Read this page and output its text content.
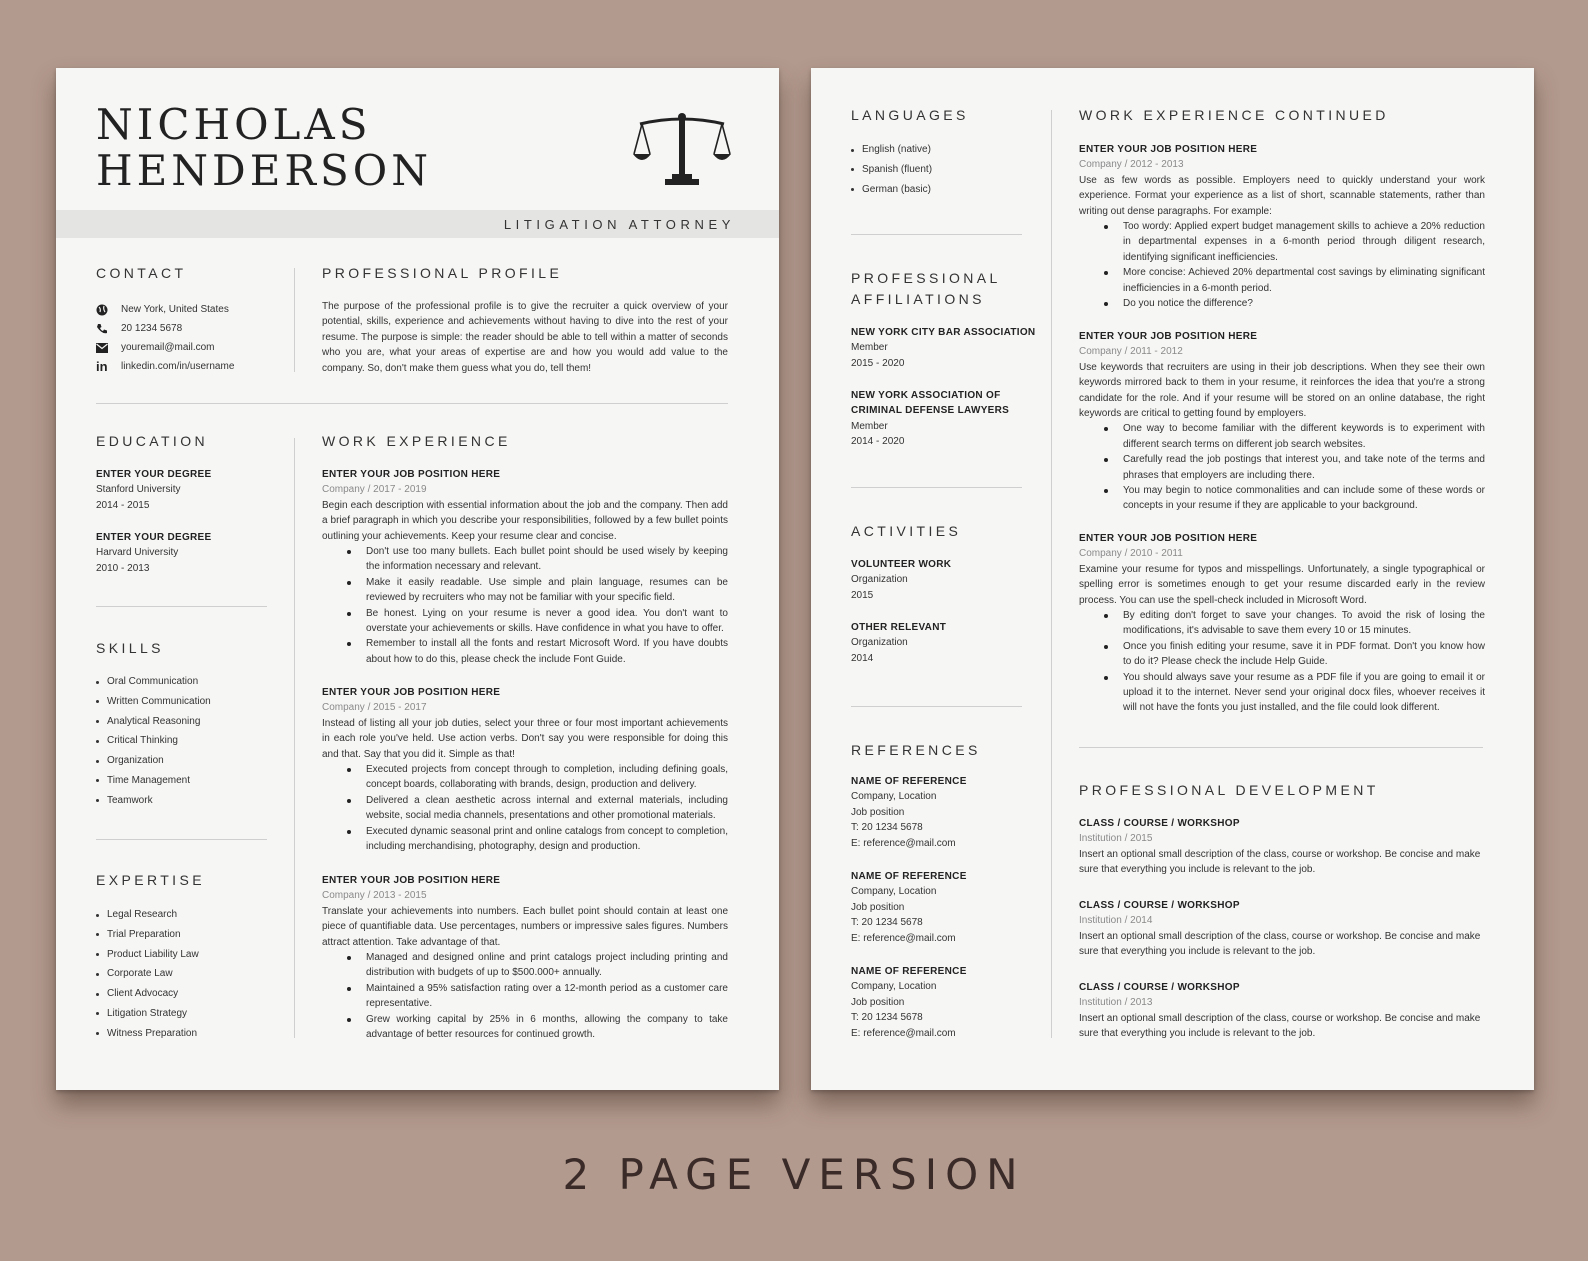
NICHOLAS
HENDERSON
LITIGATION ATTORNEY
CONTACT
New York, United States
20 1234 5678
youremail@mail.com
in linkedin.com/in/username
PROFESSIONAL PROFILE
The purpose of the professional profile is to give the recruiter a quick overview of your potential, skills, experience and achievements without having to dive into the rest of your resume. The purpose is simple: the reader should be able to tell within a matter of seconds who you are, what your areas of expertise are and how you would add value to the company. So, don't make them guess what you do, tell them!
EDUCATION
ENTER YOUR DEGREE
Stanford University
2014 - 2015
ENTER YOUR DEGREE
Harvard University
2010 - 2013
SKILLS
Oral Communication
Written Communication
Analytical Reasoning
Critical Thinking
Organization
Time Management
Teamwork
EXPERTISE
Legal Research
Trial Preparation
Product Liability Law
Corporate Law
Client Advocacy
Litigation Strategy
Witness Preparation
WORK EXPERIENCE
ENTER YOUR JOB POSITION HERE
Company / 2017 - 2019
Begin each description with essential information about the job and the company. Then add a brief paragraph in which you describe your responsibilities, followed by a few bullet points outlining your achievements. Keep your resume clear and concise.
Don't use too many bullets. Each bullet point should be used wisely by keeping the information necessary and relevant.
Make it easily readable. Use simple and plain language, resumes can be reviewed by recruiters who may not be familiar with your specific field.
Be honest. Lying on your resume is never a good idea. You don't want to overstate your achievements or skills. Have confidence in what you have to offer.
Remember to install all the fonts and restart Microsoft Word. If you have doubts about how to do this, please check the include Font Guide.
ENTER YOUR JOB POSITION HERE
Company / 2015 - 2017
Instead of listing all your job duties, select your three or four most important achievements in each role you've held. Use action verbs. Don't say you were responsible for doing this and that. Say that you did it. Simple as that!
Executed projects from concept through to completion, including defining goals, concept boards, collaborating with brands, design, production and delivery.
Delivered a clean aesthetic across internal and external materials, including website, social media channels, presentations and other promotional materials.
Executed dynamic seasonal print and online catalogs from concept to completion, including merchandising, photography, design and production.
ENTER YOUR JOB POSITION HERE
Company / 2013 - 2015
Translate your achievements into numbers. Each bullet point should contain at least one piece of quantifiable data. Use percentages, numbers or impressive sales figures. Numbers attract attention. Take advantage of that.
Managed and designed online and print catalogs project including printing and distribution with budgets of up to $500.000+ annually.
Maintained a 95% satisfaction rating over a 12-month period as a customer care representative.
Grew working capital by 25% in 6 months, allowing the company to take advantage of better resources for continued growth.
LANGUAGES
English (native)
Spanish (fluent)
German (basic)
PROFESSIONAL
AFFILIATIONS
NEW YORK CITY BAR ASSOCIATION
Member
2015 - 2020
NEW YORK ASSOCIATION OF
CRIMINAL DEFENSE LAWYERS
Member
2014 - 2020
ACTIVITIES
VOLUNTEER WORK
Organization
2015
OTHER RELEVANT
Organization
2014
REFERENCES
NAME OF REFERENCE
Company, Location
Job position
T: 20 1234 5678
E: reference@mail.com
NAME OF REFERENCE
Company, Location
Job position
T: 20 1234 5678
E: reference@mail.com
NAME OF REFERENCE
Company, Location
Job position
T: 20 1234 5678
E: reference@mail.com
WORK EXPERIENCE CONTINUED
ENTER YOUR JOB POSITION HERE
Company / 2012 - 2013
Use as few words as possible. Employers need to quickly understand your work experience. Format your experience as a list of short, scannable statements, rather than writing out dense paragraphs. For example:
Too wordy: Applied expert budget management skills to achieve a 20% reduction in departmental expenses in a 6-month period through diligent research, identifying significant inefficiencies.
More concise: Achieved 20% departmental cost savings by eliminating significant inefficiencies in a 6-month period.
Do you notice the difference?
ENTER YOUR JOB POSITION HERE
Company / 2011 - 2012
Use keywords that recruiters are using in their job descriptions. When they see their own keywords mirrored back to them in your resume, it reinforces the idea that you're a strong candidate for the role. And if your resume will be stored on an online database, the right keywords are critical to getting found by employers.
One way to become familiar with the different keywords is to experiment with different search terms on different job search websites.
Carefully read the job postings that interest you, and take note of the terms and phrases that employers are including there.
You may begin to notice commonalities and can include some of these words or concepts in your resume if they are applicable to your background.
ENTER YOUR JOB POSITION HERE
Company / 2010 - 2011
Examine your resume for typos and misspellings. Unfortunately, a single typographical or spelling error is sometimes enough to get your resume discarded early in the review process. You can use the spell-check included in Microsoft Word.
By editing don't forget to save your changes. To avoid the risk of losing the modifications, it's advisable to save them every 10 or 15 minutes.
Once you finish editing your resume, save it in PDF format. Don't you know how to do it? Please check the include Help Guide.
You should always save your resume as a PDF file if you are going to email it or upload it to the internet. Never send your original docx files, whoever receives it will not have the fonts you just installed, and the file could look different.
PROFESSIONAL DEVELOPMENT
CLASS / COURSE / WORKSHOP
Institution / 2015
Insert an optional small description of the class, course or workshop. Be concise and make sure that everything you include is relevant to the job.
CLASS / COURSE / WORKSHOP
Institution / 2014
Insert an optional small description of the class, course or workshop. Be concise and make sure that everything you include is relevant to the job.
CLASS / COURSE / WORKSHOP
Institution / 2013
Insert an optional small description of the class, course or workshop. Be concise and make sure that everything you include is relevant to the job.
2 PAGE VERSION
